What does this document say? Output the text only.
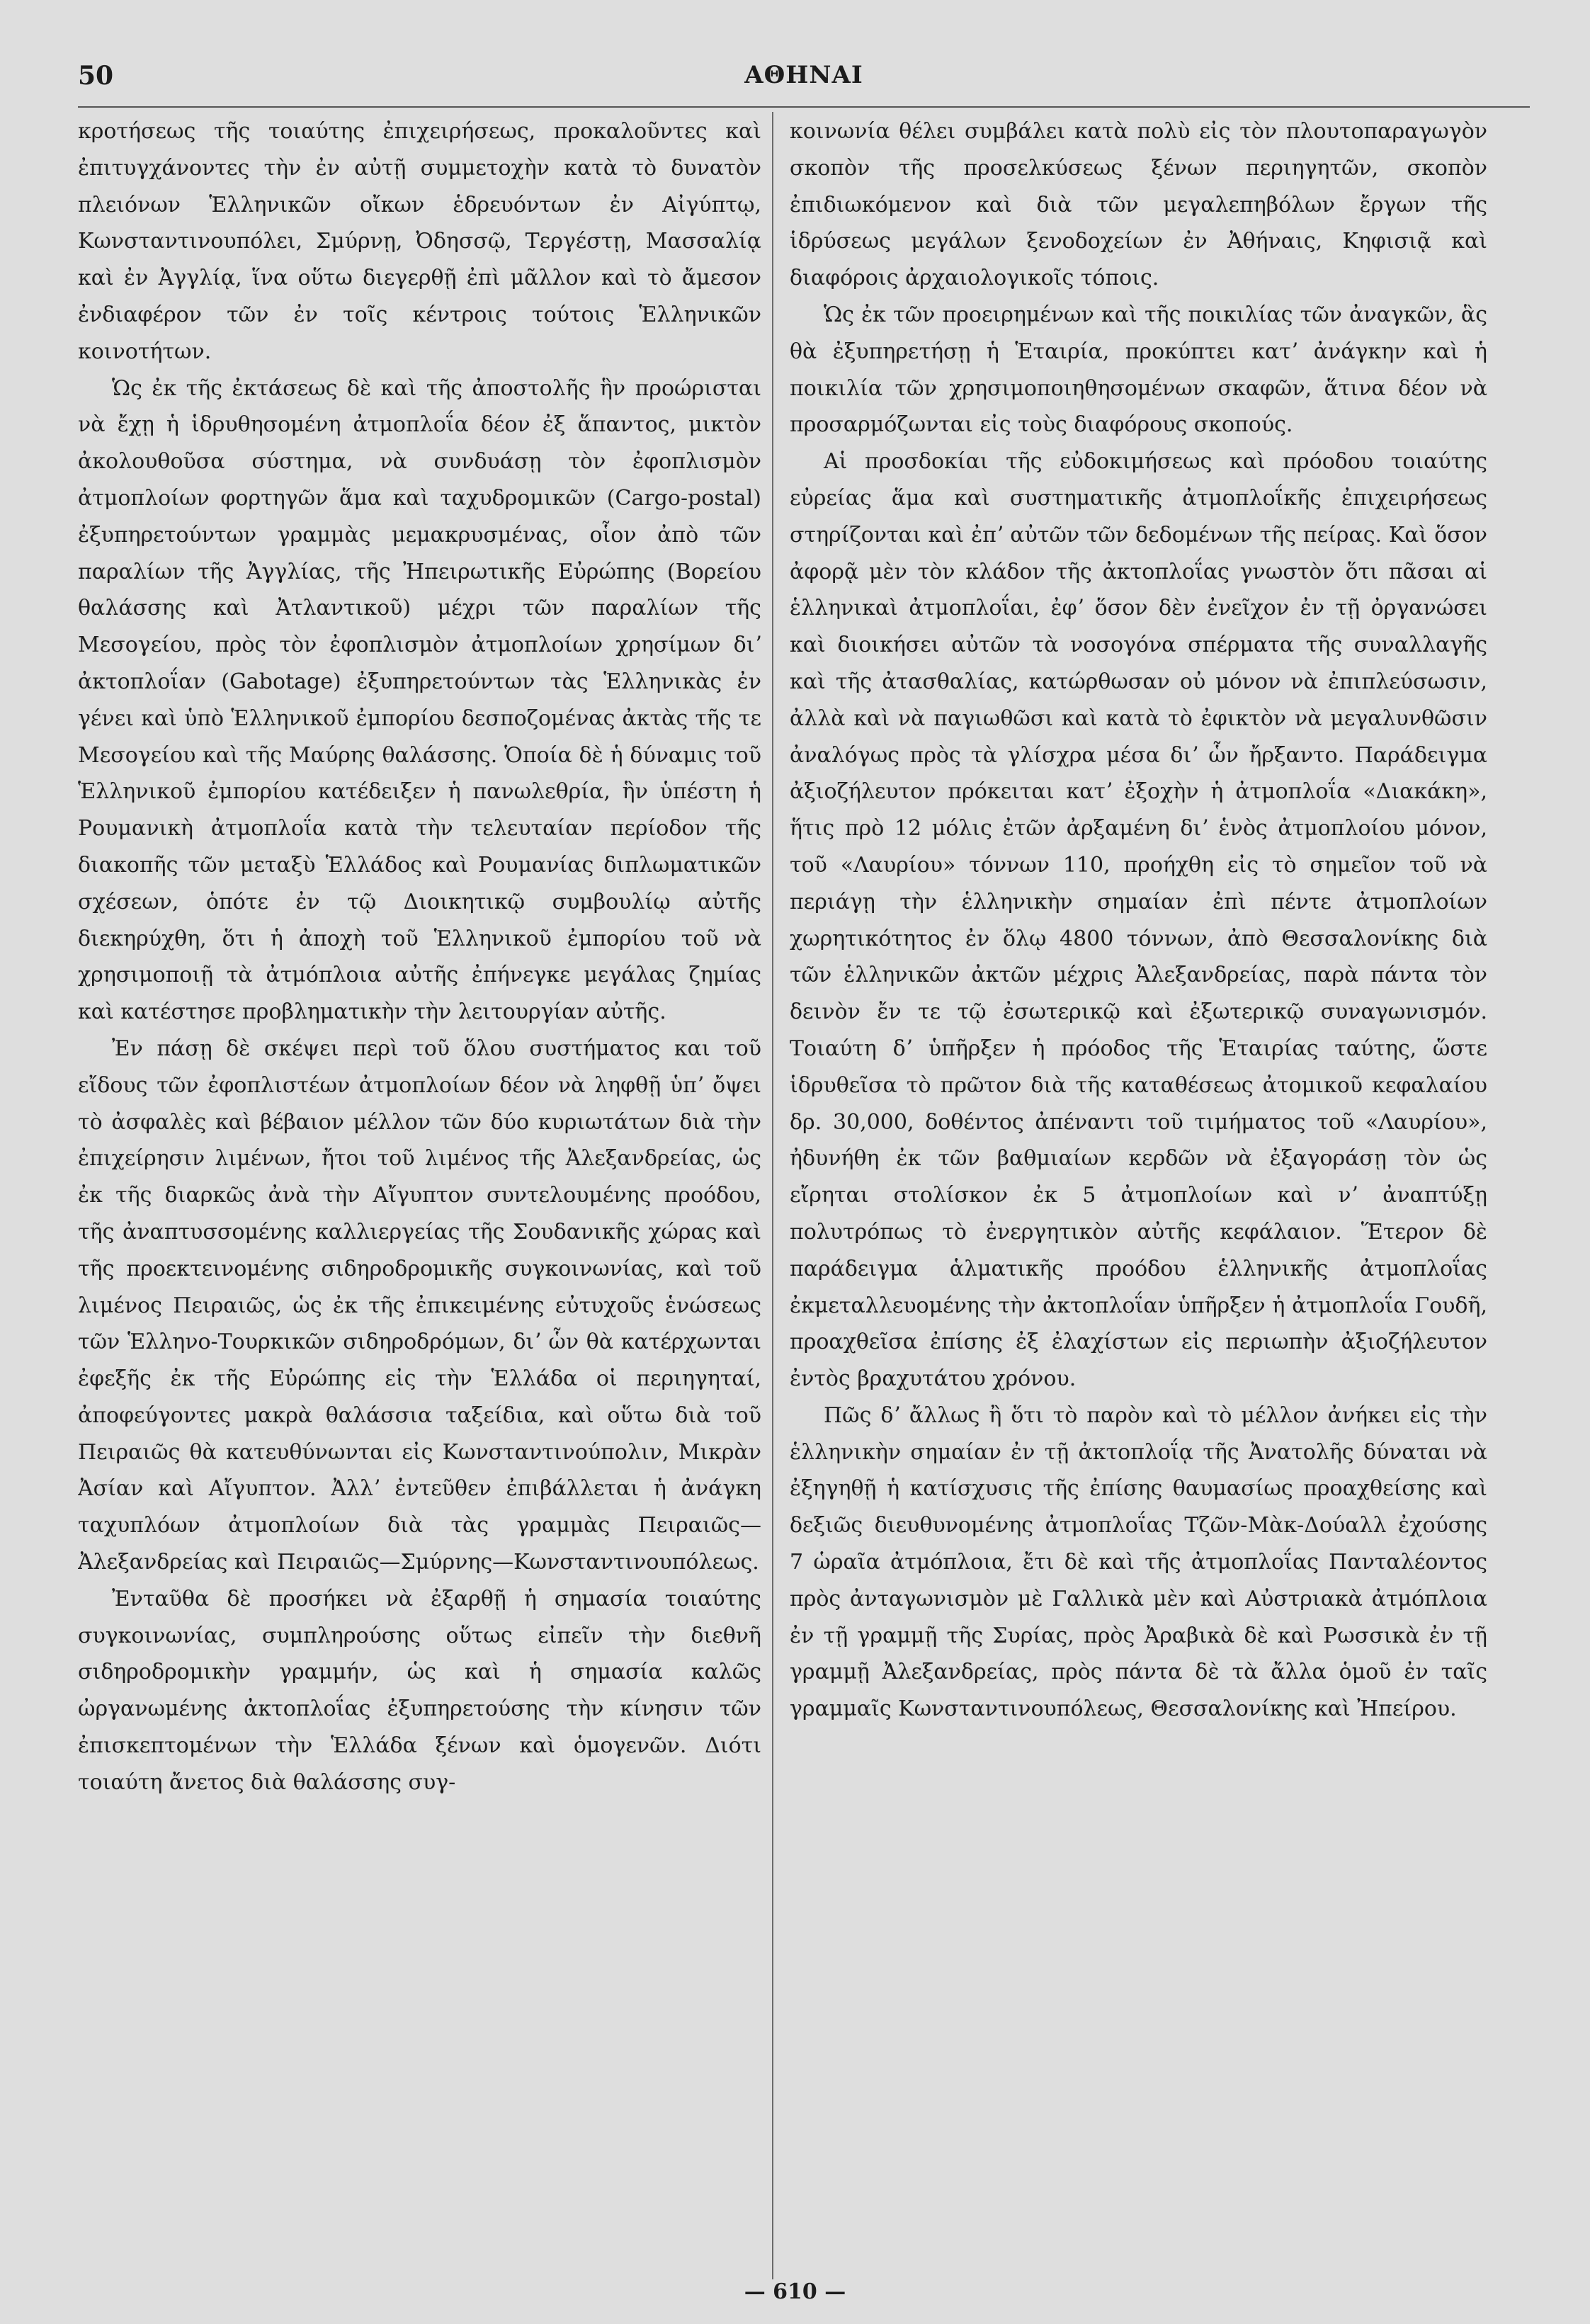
50	ΑΘΗΝΑΙ

κροτήσεως τῆς τοιαύτης ἐπιχειρήσεως, προκαλοῦντες καὶ ἐπιτυγχάνοντες τὴν ἐν αὐτῇ συμμετοχὴν κατὰ τὸ δυνατὸν πλειόνων Ἑλληνικῶν οἴκων ἑδρευόντων ἐν Αἰγύπτῳ, Κωνσταντινουπόλει, Σμύρνῃ, Ὀδησσῷ, Τεργέστῃ, Μασσαλίᾳ καὶ ἐν Ἀγγλίᾳ, ἵνα οὕτω διεγερθῇ ἐπὶ μᾶλλον καὶ τὸ ἄμεσον ἐνδιαφέρον τῶν ἐν τοῖς κέντροις τούτοις Ἑλληνικῶν κοινοτήτων.

Ὡς ἐκ τῆς ἐκτάσεως δὲ καὶ τῆς ἀποστολῆς ἣν προώρισται νὰ ἔχῃ ἡ ἱδρυθησομένη ἀτμοπλοΐα δέον ἐξ ἅπαντος, μικτὸν ἀκολουθοῦσα σύστημα, νὰ συνδυάσῃ τὸν ἐφοπλισμὸν ἀτμοπλοίων φορτηγῶν ἅμα καὶ ταχυδρομικῶν (Cargo-postal) ἐξυπηρετούντων γραμμὰς μεμακρυσμένας, οἷον ἀπὸ τῶν παραλίων τῆς Ἀγγλίας, τῆς Ἠπειρωτικῆς Εὐρώπης (Βορείου θαλάσσης καὶ Ἀτλαντικοῦ) μέχρι τῶν παραλίων τῆς Μεσογείου, πρὸς τὸν ἐφοπλισμὸν ἀτμοπλοίων χρησίμων διʼ ἀκτοπλοΐαν (Gabotage) ἐξυπηρετούντων τὰς Ἑλληνικὰς ἐν γένει καὶ ὑπὸ Ἑλληνικοῦ ἐμπορίου δεσποζομένας ἀκτὰς τῆς τε Μεσογείου καὶ τῆς Μαύρης θαλάσσης. Ὁποία δὲ ἡ δύναμις τοῦ Ἑλληνικοῦ ἐμπορίου κατέδειξεν ἡ πανωλεθρία, ἣν ὑπέστη ἡ Ρουμανικὴ ἀτμοπλοΐα κατὰ τὴν τελευταίαν περίοδον τῆς διακοπῆς τῶν μεταξὺ Ἑλλάδος καὶ Ρουμανίας διπλωματικῶν σχέσεων, ὁπότε ἐν τῷ Διοικητικῷ συμβουλίῳ αὐτῆς διεκηρύχθη, ὅτι ἡ ἀποχὴ τοῦ Ἑλληνικοῦ ἐμπορίου τοῦ νὰ χρησιμοποιῇ τὰ ἀτμόπλοια αὐτῆς ἐπήνεγκε μεγάλας ζημίας καὶ κατέστησε προβληματικὴν τὴν λειτουργίαν αὐτῆς.

Ἐν πάσῃ δὲ σκέψει περὶ τοῦ ὅλου συστήματος και τοῦ εἴδους τῶν ἐφοπλιστέων ἀτμοπλοίων δέον νὰ ληφθῇ ὑπʼ ὄψει τὸ ἀσφαλὲς καὶ βέβαιον μέλλον τῶν δύο κυριωτάτων διὰ τὴν ἐπιχείρησιν λιμένων, ἤτοι τοῦ λιμένος τῆς Ἀλεξανδρείας, ὡς ἐκ τῆς διαρκῶς ἀνὰ τὴν Αἴγυπτον συντελουμένης προόδου, τῆς ἀναπτυσσομένης καλλιεργείας τῆς Σουδανικῆς χώρας καὶ τῆς προεκτεινομένης σιδηροδρομικῆς συγκοινωνίας, καὶ τοῦ λιμένος Πειραιῶς, ὡς ἐκ τῆς ἐπικειμένης εὐτυχοῦς ἑνώσεως τῶν Ἑλληνο-Τουρκικῶν σιδηροδρόμων, διʼ ὧν θὰ κατέρχωνται ἐφεξῆς ἐκ τῆς Εὐρώπης εἰς τὴν Ἑλλάδα οἱ περιηγηταί, ἀποφεύγοντες μακρὰ θαλάσσια ταξείδια, καὶ οὕτω διὰ τοῦ Πειραιῶς θὰ κατευθύνωνται εἰς Κωνσταντινούπολιν, Μικρὰν Ἀσίαν καὶ Αἴγυπτον. Ἀλλʼ ἐντεῦθεν ἐπιβάλλεται ἡ ἀνάγκη ταχυπλόων ἀτμοπλοίων διὰ τὰς γραμμὰς Πειραιῶς—Ἀλεξανδρείας καὶ Πειραιῶς—Σμύρνης—Κωνσταντινουπόλεως.

Ἐνταῦθα δὲ προσήκει νὰ ἐξαρθῇ ἡ σημασία τοιαύτης συγκοινωνίας, συμπληρούσης οὕτως εἰπεῖν τὴν διεθνῆ σιδηροδρομικὴν γραμμήν, ὡς καὶ ἡ σημασία καλῶς ὠργανωμένης ἀκτοπλοΐας ἐξυπηρετούσης τὴν κίνησιν τῶν ἐπισκεπτομένων τὴν Ἑλλάδα ξένων καὶ ὁμογενῶν. Διότι τοιαύτη ἄνετος διὰ θαλάσσης συγ-

κοινωνία θέλει συμβάλει κατὰ πολὺ εἰς τὸν πλουτοπαραγωγὸν σκοπὸν τῆς προσελκύσεως ξένων περιηγητῶν, σκοπὸν ἐπιδιωκόμενον καὶ διὰ τῶν μεγαλεπηβόλων ἔργων τῆς ἱδρύσεως μεγάλων ξενοδοχείων ἐν Ἀθήναις, Κηφισιᾷ καὶ διαφόροις ἀρχαιολογικοῖς τόποις.

Ὡς ἐκ τῶν προειρημένων καὶ τῆς ποικιλίας τῶν ἀναγκῶν, ἃς θὰ ἐξυπηρετήσῃ ἡ Ἑταιρία, προκύπτει κατʼ ἀνάγκην καὶ ἡ ποικιλία τῶν χρησιμοποιηθησομένων σκαφῶν, ἅτινα δέον νὰ προσαρμόζωνται εἰς τοὺς διαφόρους σκοπούς.

Αἱ προσδοκίαι τῆς εὐδοκιμήσεως καὶ πρόοδου τοιαύτης εὐρείας ἅμα καὶ συστηματικῆς ἀτμοπλοΐκῆς ἐπιχειρήσεως στηρίζονται καὶ ἐπʼ αὐτῶν τῶν δεδομένων τῆς πείρας. Καὶ ὅσον ἀφορᾷ μὲν τὸν κλάδον τῆς ἀκτοπλοΐας γνωστὸν ὅτι πᾶσαι αἱ ἑλληνικαὶ ἀτμοπλοΐαι, ἐφʼ ὅσον δὲν ἐνεῖχον ἐν τῇ ὀργανώσει καὶ διοικήσει αὐτῶν τὰ νοσογόνα σπέρματα τῆς συναλλαγῆς καὶ τῆς ἀτασθαλίας, κατώρθωσαν οὐ μόνον νὰ ἐπιπλεύσωσιν, ἀλλὰ καὶ νὰ παγιωθῶσι καὶ κατὰ τὸ ἐφικτὸν νὰ μεγαλυνθῶσιν ἀναλόγως πρὸς τὰ γλίσχρα μέσα διʼ ὧν ἤρξαντο. Παράδειγμα ἀξιοζήλευτον πρόκειται κατʼ ἐξοχὴν ἡ ἀτμοπλοΐα «Διακάκη», ἥτις πρὸ 12 μόλις ἐτῶν ἀρξαμένη διʼ ἑνὸς ἀτμοπλοίου μόνον, τοῦ «Λαυρίου» τόννων 110, προήχθη εἰς τὸ σημεῖον τοῦ νὰ περιάγῃ τὴν ἑλληνικὴν σημαίαν ἐπὶ πέντε ἀτμοπλοίων χωρητικότητος ἐν ὅλῳ 4800 τόννων, ἀπὸ Θεσσαλονίκης διὰ τῶν ἑλληνικῶν ἀκτῶν μέχρις Ἀλεξανδρείας, παρὰ πάντα τὸν δεινὸν ἔν τε τῷ ἐσωτερικῷ καὶ ἐξωτερικῷ συναγωνισμόν. Τοιαύτη δʼ ὑπῆρξεν ἡ πρόοδος τῆς Ἑταιρίας ταύτης, ὥστε ἱδρυθεῖσα τὸ πρῶτον διὰ τῆς καταθέσεως ἀτομικοῦ κεφαλαίου δρ. 30,000, δοθέντος ἀπέναντι τοῦ τιμήματος τοῦ «Λαυρίου», ἠδυνήθη ἐκ τῶν βαθμιαίων κερδῶν νὰ ἐξαγοράσῃ τὸν ὡς εἴρηται στολίσκον ἐκ 5 ἀτμοπλοίων καὶ νʼ ἀναπτύξῃ πολυτρόπως τὸ ἐνεργητικὸν αὐτῆς κεφάλαιον. Ἕτερον δὲ παράδειγμα ἁλματικῆς προόδου ἑλληνικῆς ἀτμοπλοΐας ἐκμεταλλευομένης τὴν ἀκτοπλοΐαν ὑπῆρξεν ἡ ἀτμοπλοΐα Γουδῆ, προαχθεῖσα ἐπίσης ἐξ ἐλαχίστων εἰς περιωπὴν ἀξιοζήλευτον ἐντὸς βραχυτάτου χρόνου.

Πῶς δʼ ἄλλως ἢ ὅτι τὸ παρὸν καὶ τὸ μέλλον ἀνήκει εἰς τὴν ἑλληνικὴν σημαίαν ἐν τῇ ἀκτοπλοΐᾳ τῆς Ἀνατολῆς δύναται νὰ ἐξηγηθῇ ἡ κατίσχυσις τῆς ἐπίσης θαυμασίως προαχθείσης καὶ δεξιῶς διευθυνομένης ἀτμοπλοΐας Τζῶν-Μὰκ-Δούαλλ ἐχούσης 7 ὡραῖα ἀτμόπλοια, ἔτι δὲ καὶ τῆς ἀτμοπλοΐας Πανταλέοντος πρὸς ἀνταγωνισμὸν μὲ Γαλλικὰ μὲν καὶ Αὐστριακὰ ἀτμόπλοια ἐν τῇ γραμμῇ τῆς Συρίας, πρὸς Ἀραβικὰ δὲ καὶ Ρωσσικὰ ἐν τῇ γραμμῇ Ἀλεξανδρείας, πρὸς πάντα δὲ τὰ ἄλλα ὁμοῦ ἐν ταῖς γραμμαῖς Κωνσταντινουπόλεως, Θεσσαλονίκης καὶ Ἠπείρου.

— 610 —
